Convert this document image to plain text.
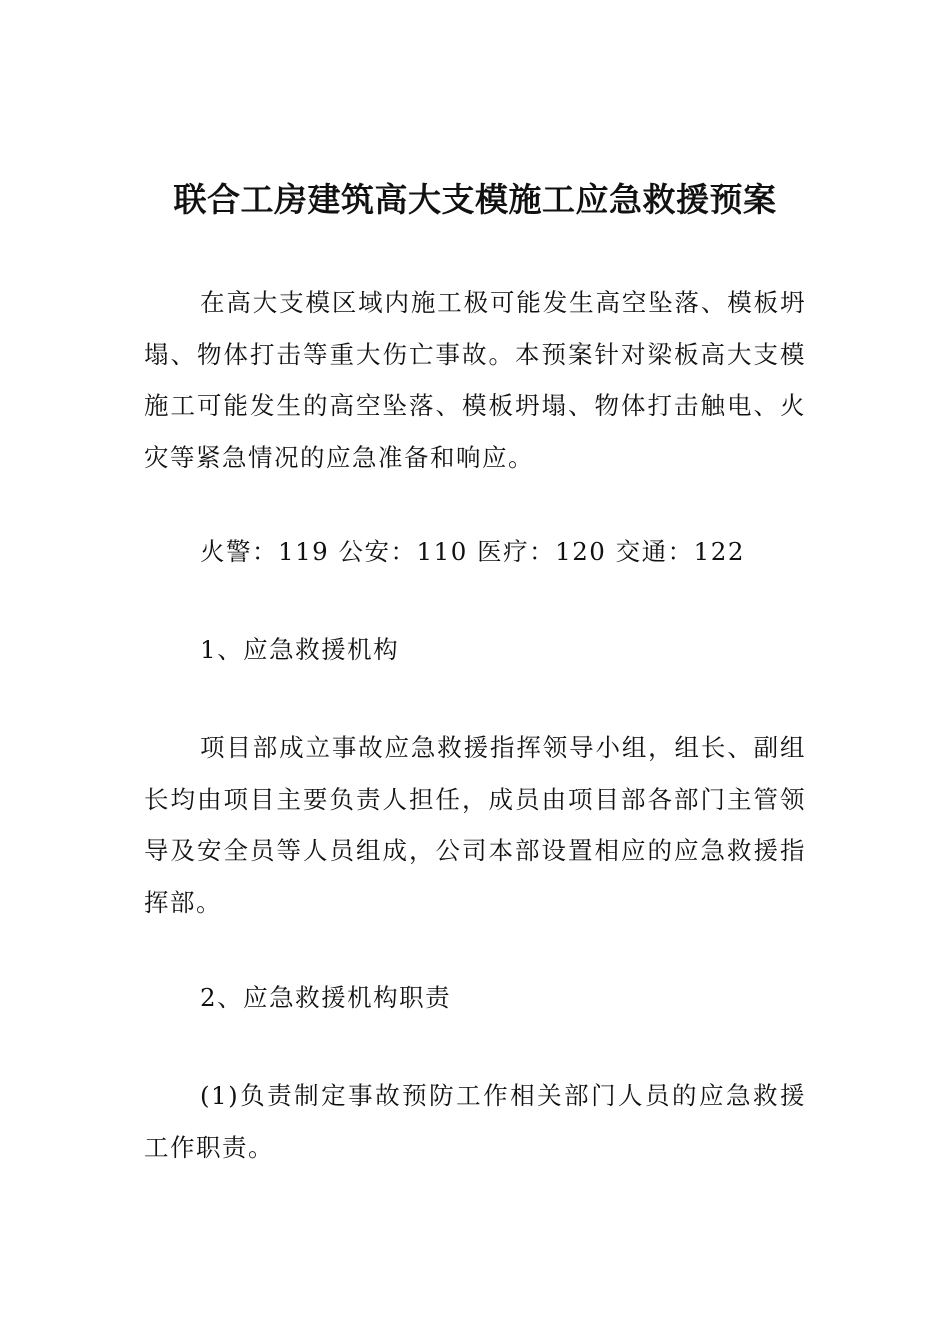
联合工房建筑高大支模施工应急救援预案

在高大支模区域内施工极可能发生高空坠落、模板坍塌、物体打击等重大伤亡事故。本预案针对梁板高大支模施工可能发生的高空坠落、模板坍塌、物体打击触电、火灾等紧急情况的应急准备和响应。

火警：119 公安：110 医疗：120 交通：122

1、应急救援机构

项目部成立事故应急救援指挥领导小组，组长、副组长均由项目主要负责人担任，成员由项目部各部门主管领导及安全员等人员组成，公司本部设置相应的应急救援指挥部。

2、应急救援机构职责

(1)负责制定事故预防工作相关部门人员的应急救援工作职责。
